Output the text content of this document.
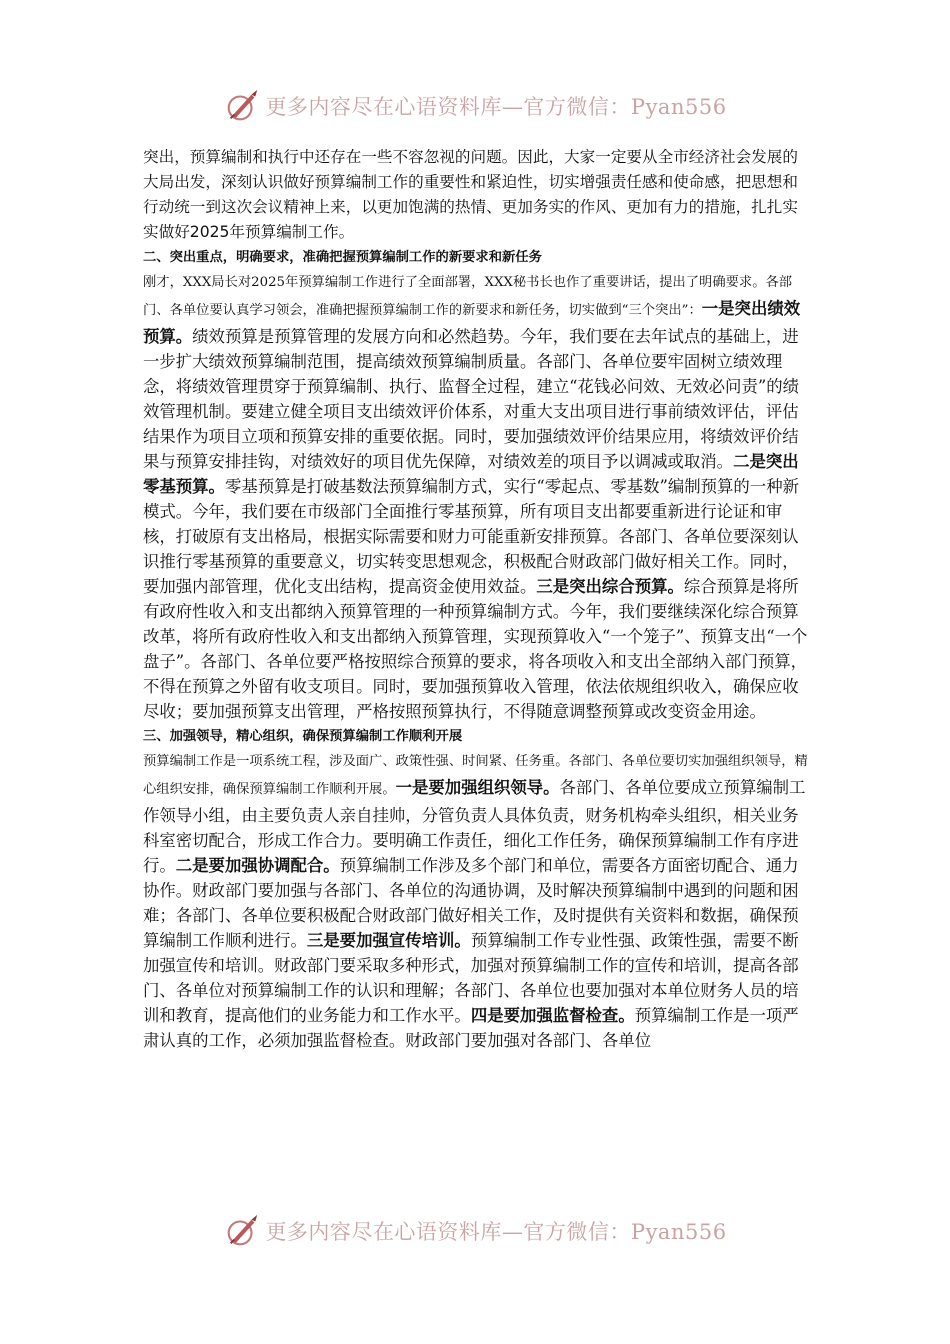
更多内容尽在心语资料库—官方微信：Pyan556

突出，预算编制和执行中还存在一些不容忽视的问题。因此，大家一定要从全市经济社会发展的大局出发，深刻认识做好预算编制工作的重要性和紧迫性，切实增强责任感和使命感，把思想和行动统一到这次会议精神上来，以更加饱满的热情、更加务实的作风、更加有力的措施，扎扎实实做好2025年预算编制工作。

二、突出重点，明确要求，准确把握预算编制工作的新要求和新任务

刚才，XXX局长对2025年预算编制工作进行了全面部署，XXX秘书长也作了重要讲话，提出了明确要求。各部门、各单位要认真学习领会，准确把握预算编制工作的新要求和新任务，切实做到“三个突出”：一是突出绩效预算。绩效预算是预算管理的发展方向和必然趋势。今年，我们要在去年试点的基础上，进一步扩大绩效预算编制范围，提高绩效预算编制质量。各部门、各单位要牢固树立绩效理念，将绩效管理贯穿于预算编制、执行、监督全过程，建立“花钱必问效、无效必问责”的绩效管理机制。要建立健全项目支出绩效评价体系，对重大支出项目进行事前绩效评估，评估结果作为项目立项和预算安排的重要依据。同时，要加强绩效评价结果应用，将绩效评价结果与预算安排挂钩，对绩效好的项目优先保障，对绩效差的项目予以调减或取消。二是突出零基预算。零基预算是打破基数法预算编制方式，实行“零起点、零基数”编制预算的一种新模式。今年，我们要在市级部门全面推行零基预算，所有项目支出都要重新进行论证和审核，打破原有支出格局，根据实际需要和财力可能重新安排预算。各部门、各单位要深刻认识推行零基预算的重要意义，切实转变思想观念，积极配合财政部门做好相关工作。同时，要加强内部管理，优化支出结构，提高资金使用效益。三是突出综合预算。综合预算是将所有政府性收入和支出都纳入预算管理的一种预算编制方式。今年，我们要继续深化综合预算改革，将所有政府性收入和支出都纳入预算管理，实现预算收入“一个笼子”、预算支出“一个盘子”。各部门、各单位要严格按照综合预算的要求，将各项收入和支出全部纳入部门预算，不得在预算之外留有收支项目。同时，要加强预算收入管理，依法依规组织收入，确保应收尽收；要加强预算支出管理，严格按照预算执行，不得随意调整预算或改变资金用途。

三、加强领导，精心组织，确保预算编制工作顺利开展

预算编制工作是一项系统工程，涉及面广、政策性强、时间紧、任务重。各部门、各单位要切实加强组织领导，精心组织安排，确保预算编制工作顺利开展。一是要加强组织领导。各部门、各单位要成立预算编制工作领导小组，由主要负责人亲自挂帅，分管负责人具体负责，财务机构牵头组织，相关业务科室密切配合，形成工作合力。要明确工作责任，细化工作任务，确保预算编制工作有序进行。二是要加强协调配合。预算编制工作涉及多个部门和单位，需要各方面密切配合、通力协作。财政部门要加强与各部门、各单位的沟通协调，及时解决预算编制中遇到的问题和困难；各部门、各单位要积极配合财政部门做好相关工作，及时提供有关资料和数据，确保预算编制工作顺利进行。三是要加强宣传培训。预算编制工作专业性强、政策性强，需要不断加强宣传和培训。财政部门要采取多种形式，加强对预算编制工作的宣传和培训，提高各部门、各单位对预算编制工作的认识和理解；各部门、各单位也要加强对本单位财务人员的培训和教育，提高他们的业务能力和工作水平。四是要加强监督检查。预算编制工作是一项严肃认真的工作，必须加强监督检查。财政部门要加强对各部门、各单位
更多内容尽在心语资料库—官方微信：Pyan556
